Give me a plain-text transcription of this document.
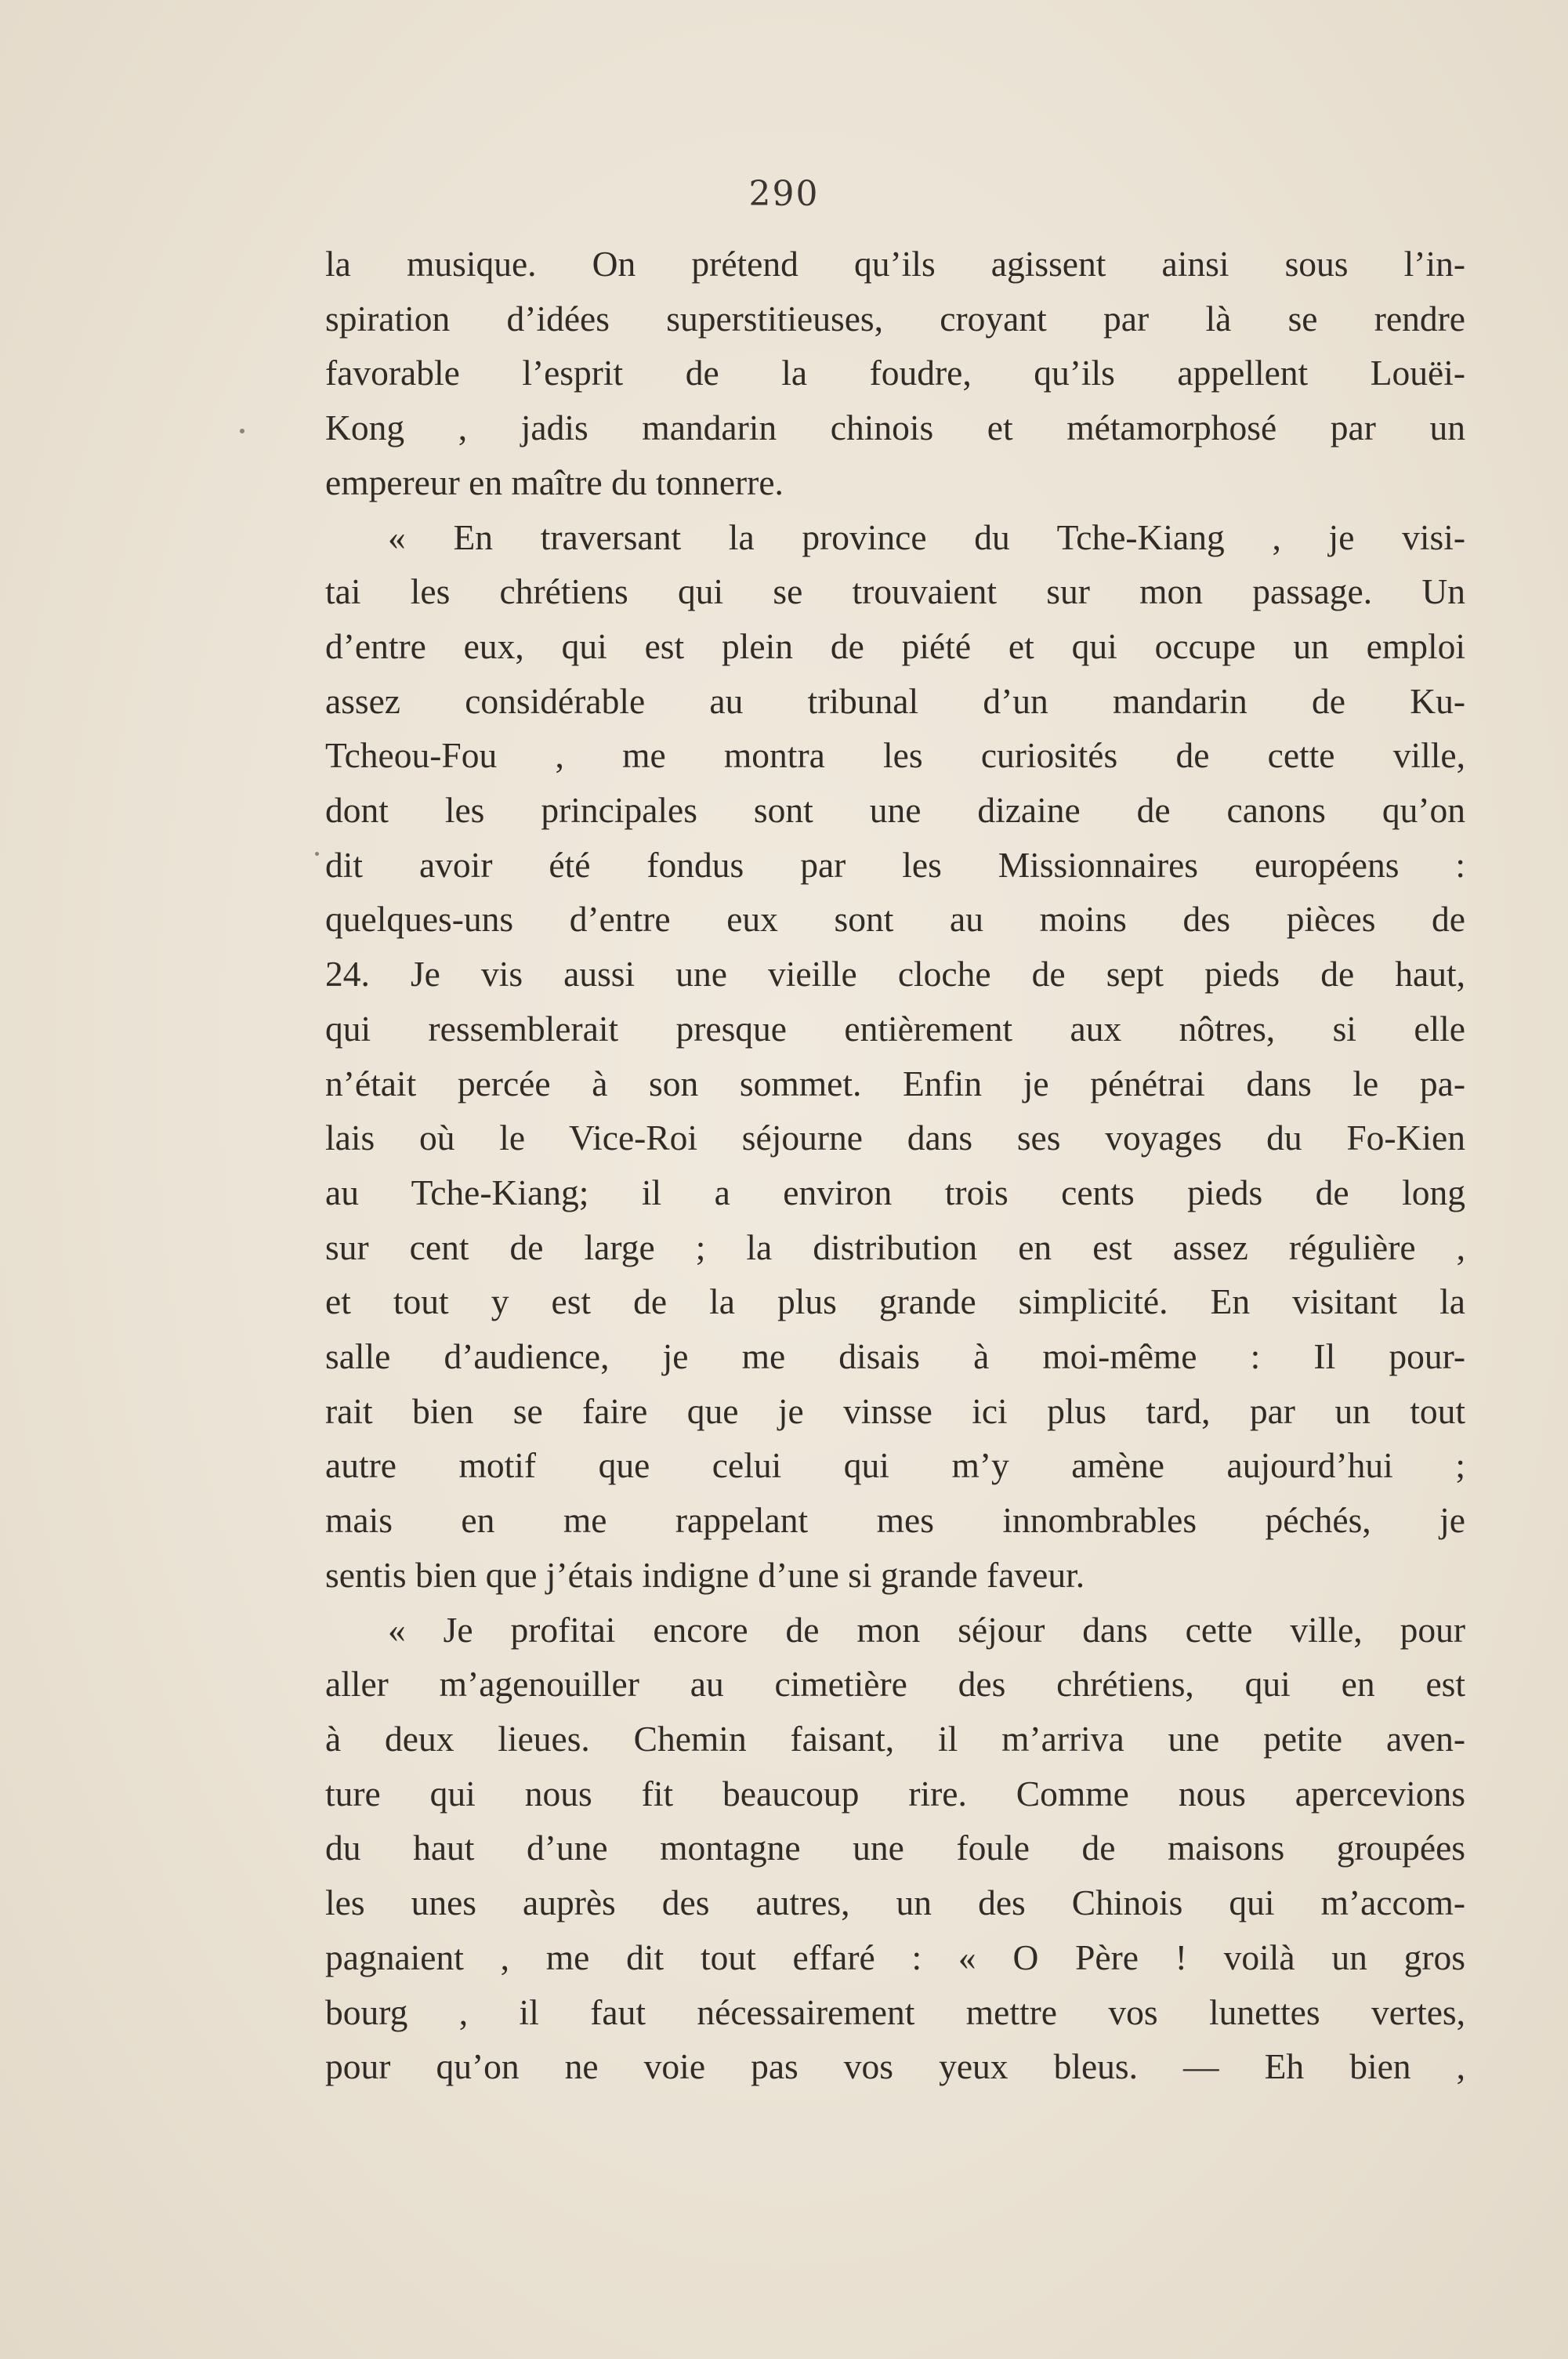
290

la musique. On prétend qu’ils agissent ainsi sous l’in-

spiration d’idées superstitieuses, croyant par là se rendre

favorable l’esprit de la foudre, qu’ils appellent Louëi-

Kong , jadis mandarin chinois et métamorphosé par un

empereur en maître du tonnerre.

« En traversant la province du Tche-Kiang , je visi-

tai les chrétiens qui se trouvaient sur mon passage. Un

d’entre eux, qui est plein de piété et qui occupe un emploi

assez considérable au tribunal d’un mandarin de Ku-

Tcheou-Fou , me montra les curiosités de cette ville,

dont les principales sont une dizaine de canons qu’on

dit avoir été fondus par les Missionnaires européens :

quelques-uns d’entre eux sont au moins des pièces de

24. Je vis aussi une vieille cloche de sept pieds de haut,

qui ressemblerait presque entièrement aux nôtres, si elle

n’était percée à son sommet. Enfin je pénétrai dans le pa-

lais où le Vice-Roi séjourne dans ses voyages du Fo-Kien

au Tche-Kiang; il a environ trois cents pieds de long

sur cent de large ; la distribution en est assez régulière ,

et tout y est de la plus grande simplicité. En visitant la

salle d’audience, je me disais à moi-même : Il pour-

rait bien se faire que je vinsse ici plus tard, par un tout

autre motif que celui qui m’y amène aujourd’hui ;

mais en me rappelant mes innombrables péchés, je

sentis bien que j’étais indigne d’une si grande faveur.

« Je profitai encore de mon séjour dans cette ville, pour

aller m’agenouiller au cimetière des chrétiens, qui en est

à deux lieues. Chemin faisant, il m’arriva une petite aven-

ture qui nous fit beaucoup rire. Comme nous apercevions

du haut d’une montagne une foule de maisons groupées

les unes auprès des autres, un des Chinois qui m’accom-

pagnaient , me dit tout effaré : « O Père ! voilà un gros

bourg , il faut nécessairement mettre vos lunettes vertes,

pour qu’on ne voie pas vos yeux bleus. — Eh bien ,
